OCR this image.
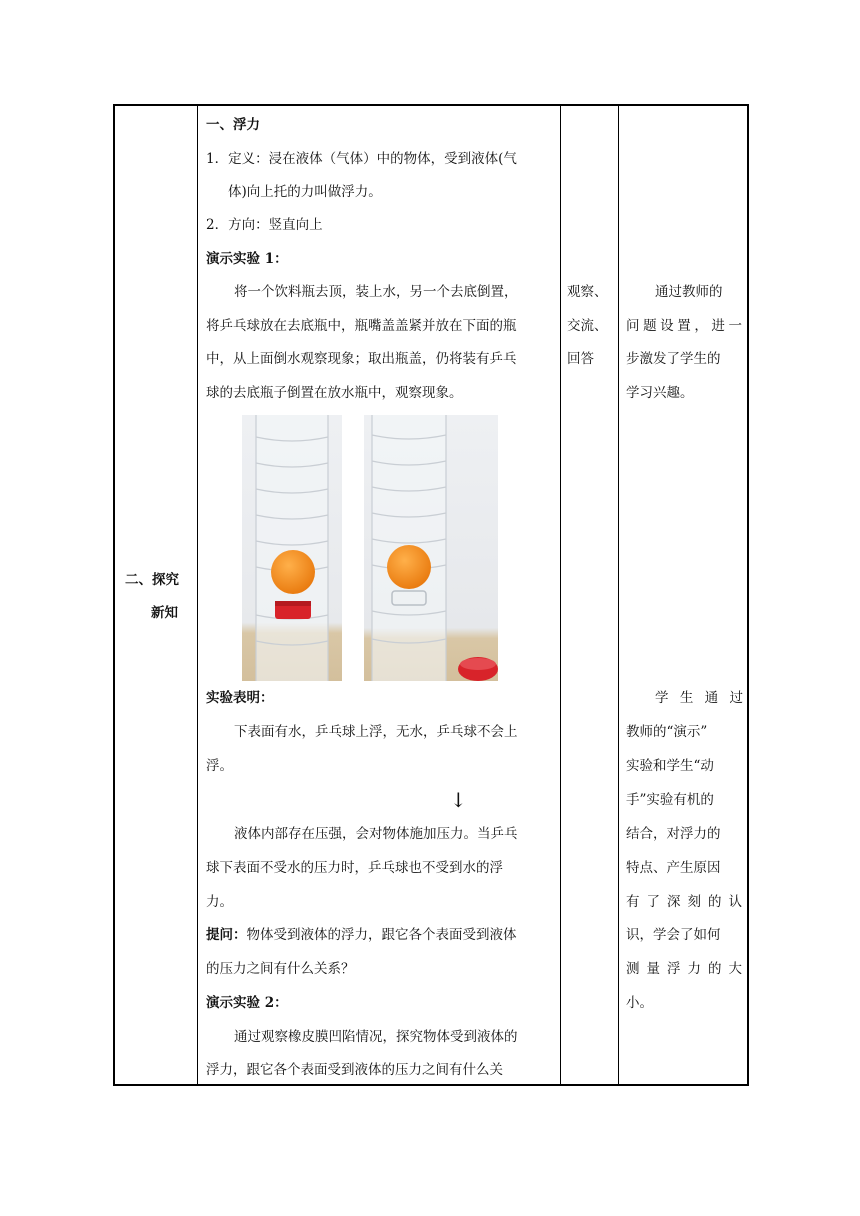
二、探究
新知
一、浮力
1．定义：浸在液体（气体）中的物体，受到液体(气
体)向上托的力叫做浮力。
2．方向：竖直向上
演示实验 1：
将一个饮料瓶去顶，装上水，另一个去底倒置，
将乒乓球放在去底瓶中，瓶嘴盖盖紧并放在下面的瓶
中，从上面倒水观察现象；取出瓶盖，仍将装有乒乓
球的去底瓶子倒置在放水瓶中，观察现象。
实验表明：
下表面有水，乒乓球上浮，无水，乒乓球不会上
浮。
↓
液体内部存在压强，会对物体施加压力。当乒乓
球下表面不受水的压力时，乒乓球也不受到水的浮
力。
提问：物体受到液体的浮力，跟它各个表面受到液体
的压力之间有什么关系？
演示实验 2：
通过观察橡皮膜凹陷情况，探究物体受到液体的
浮力，跟它各个表面受到液体的压力之间有什么关
观察、
交流、
回答
通过教师的
问题设置，进一
步激发了学生的
学习兴趣。
学 生 通 过
教师的“演示”
实验和学生“动
手”实验有机的
结合，对浮力的
特点、产生原因
有 了 深 刻 的 认
识，学会了如何
测 量 浮 力 的 大
小。
